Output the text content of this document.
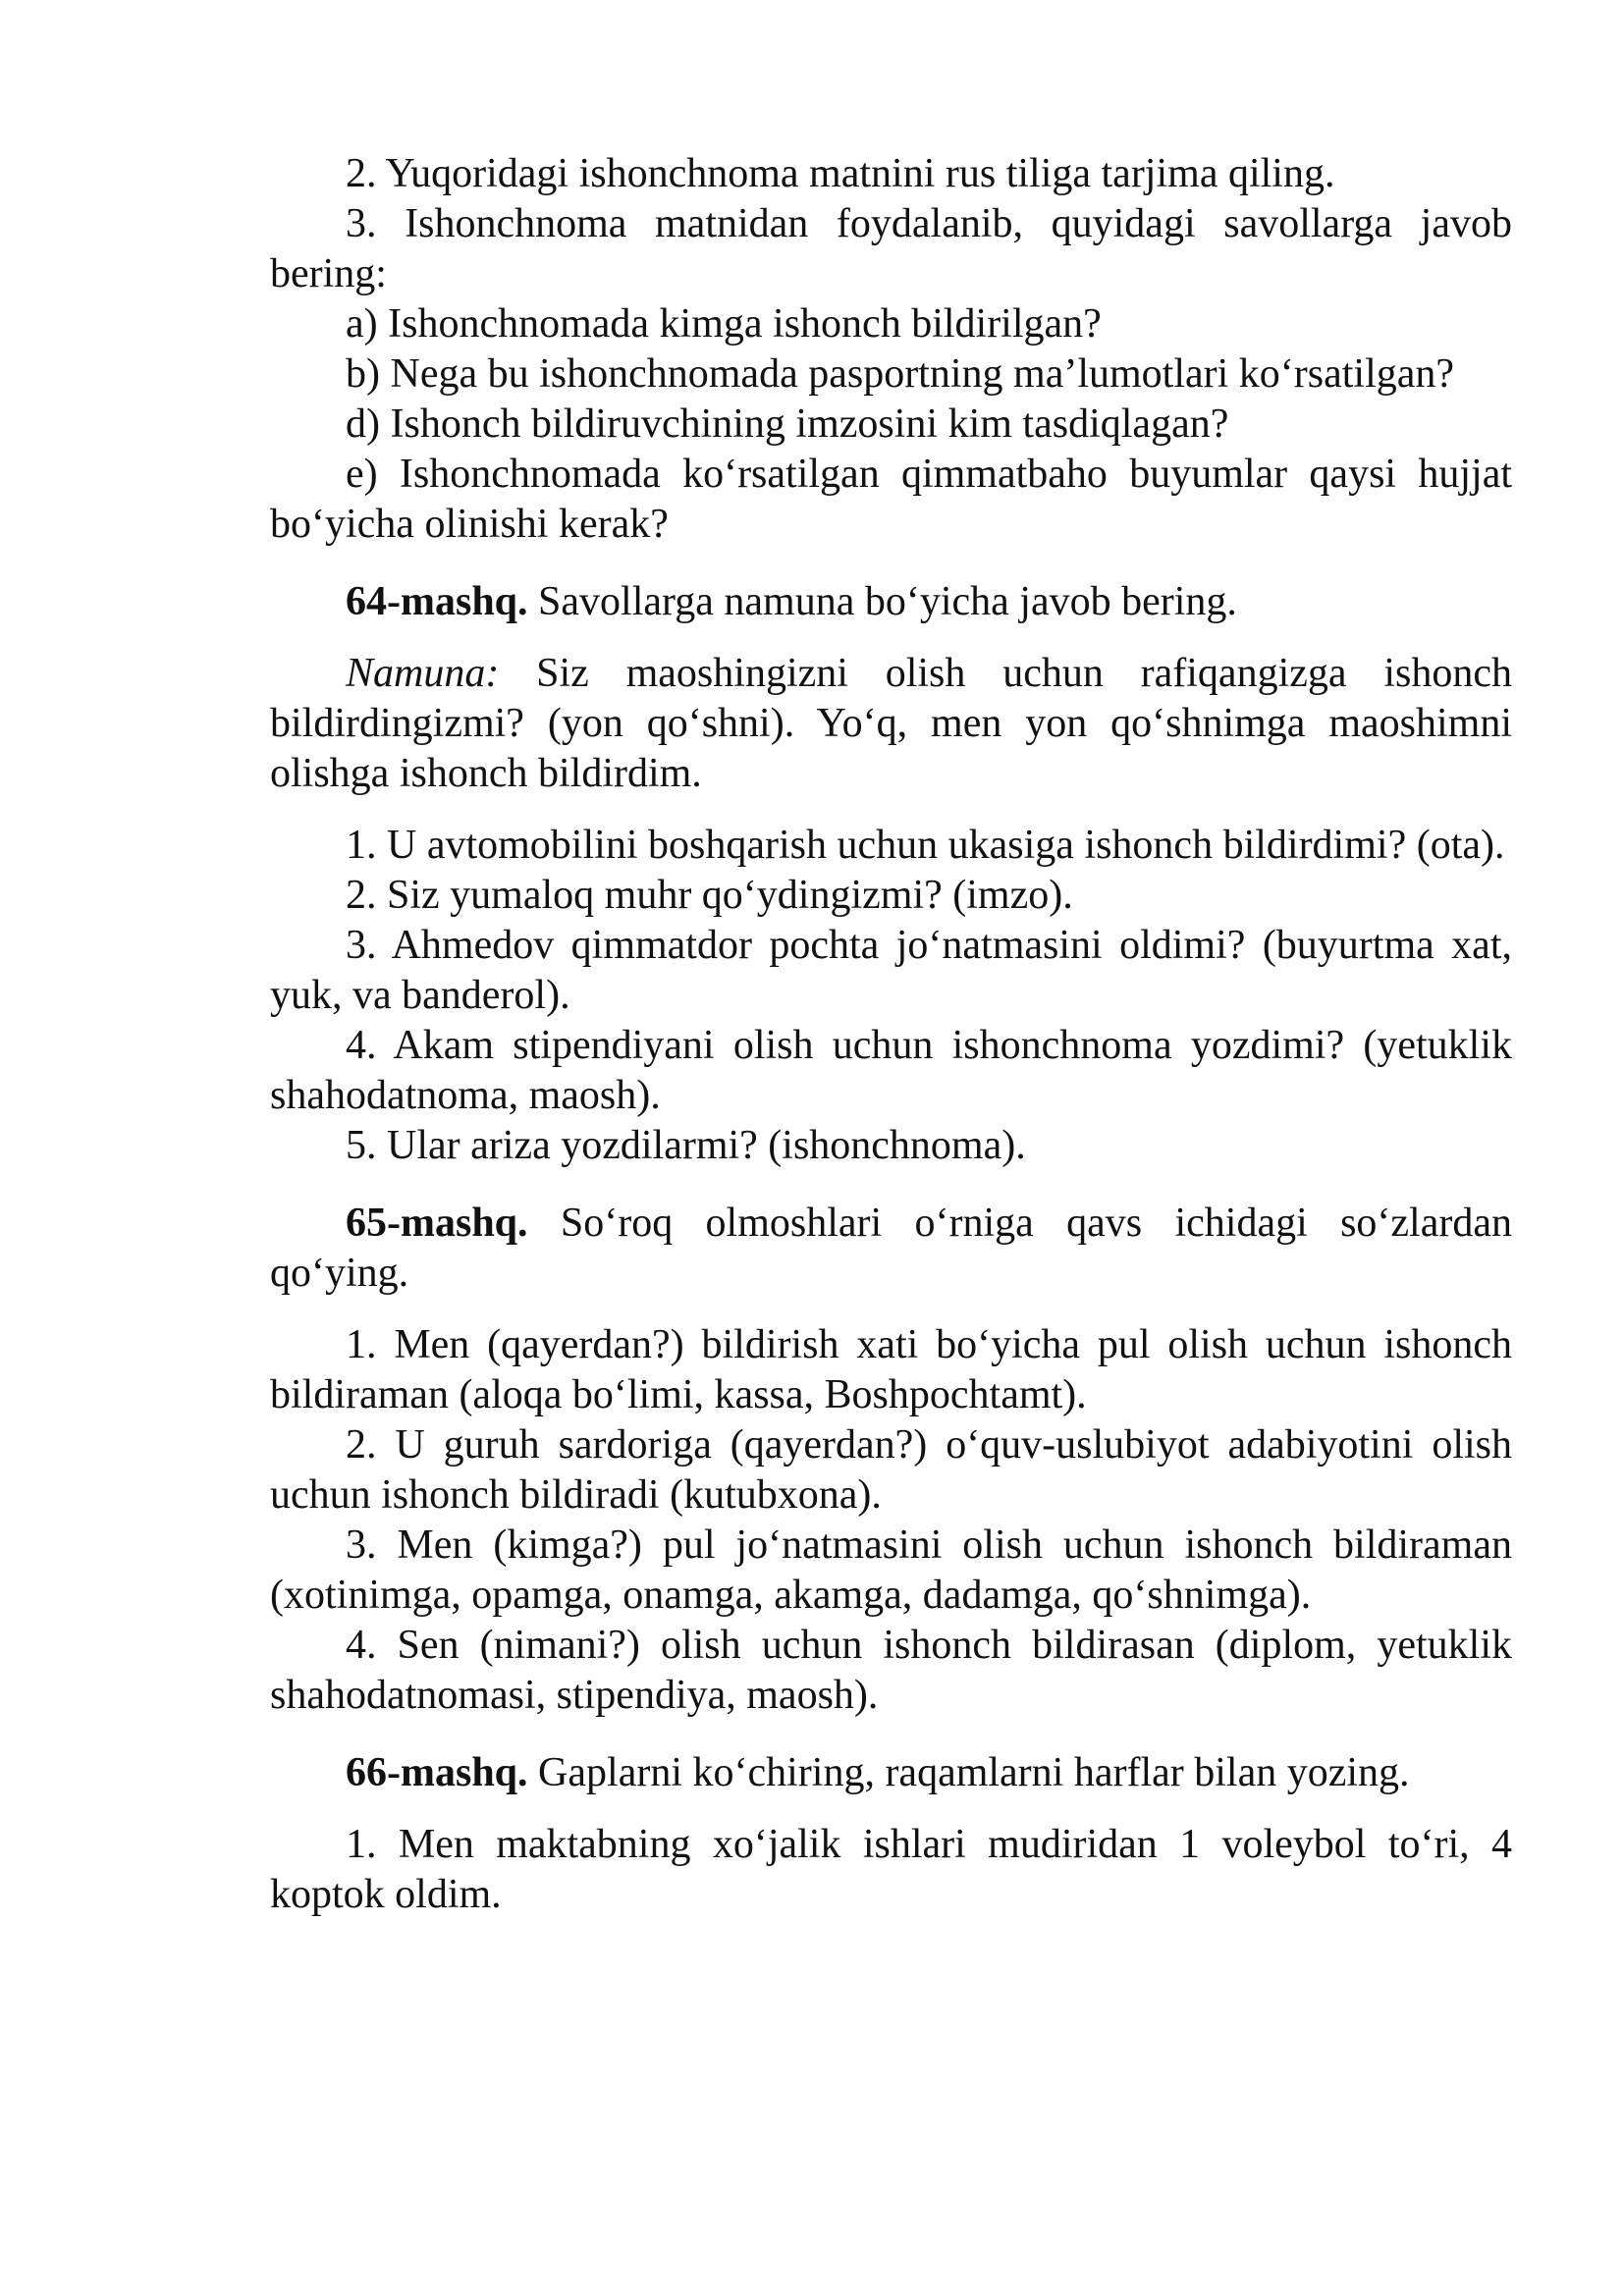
2. Yuqoridagi ishonchnoma matnini rus tiliga tarjima qiling.

3. Ishonchnoma matnidan foydalanib, quyidagi savollarga javob bering:

a) Ishonchnomada kimga ishonch bildirilgan?

b) Nega bu ishonchnomada pasportning ma’lumotlari ko‘rsatilgan?

d) Ishonch bildiruvchining imzosini kim tasdiqlagan?

e) Ishonchnomada ko‘rsatilgan qimmatbaho buyumlar qaysi hujjat bo‘yicha olinishi kerak?

64-mashq. Savollarga namuna bo‘yicha javob bering.

Namuna: Siz maoshingizni olish uchun rafiqangizga ishonch bildirdingizmi? (yon qo‘shni). Yo‘q, men yon qo‘shnimga maoshimni olishga ishonch bildirdim.

1. U avtomobilini boshqarish uchun ukasiga ishonch bildirdimi? (ota).

2. Siz yumaloq muhr qo‘ydingizmi? (imzo).

3. Ahmedov qimmatdor pochta jo‘natmasini oldimi? (buyurtma xat, yuk, va banderol).

4. Akam stipendiyani olish uchun ishonchnoma yozdimi? (yetuklik shahodatnoma, maosh).

5. Ular ariza yozdilarmi? (ishonchnoma).

65-mashq. So‘roq olmoshlari o‘rniga qavs ichidagi so‘zlardan qo‘ying.

1. Men (qayerdan?) bildirish xati bo‘yicha pul olish uchun ishonch bildiraman (aloqa bo‘limi, kassa, Boshpochtamt).

2. U guruh sardoriga (qayerdan?) o‘quv-uslubiyot adabiyotini olish uchun ishonch bildiradi (kutubxona).

3. Men (kimga?) pul jo‘natmasini olish uchun ishonch bildiraman (xotinimga, opamga, onamga, akamga, dadamga, qo‘shnimga).

4. Sen (nimani?) olish uchun ishonch bildirasan (diplom, yetuklik shahodatnomasi, stipendiya, maosh).

66-mashq. Gaplarni ko‘chiring, raqamlarni harflar bilan yozing.

1. Men maktabning xo‘jalik ishlari mudiridan 1 voleybol to‘ri, 4 koptok oldim.
